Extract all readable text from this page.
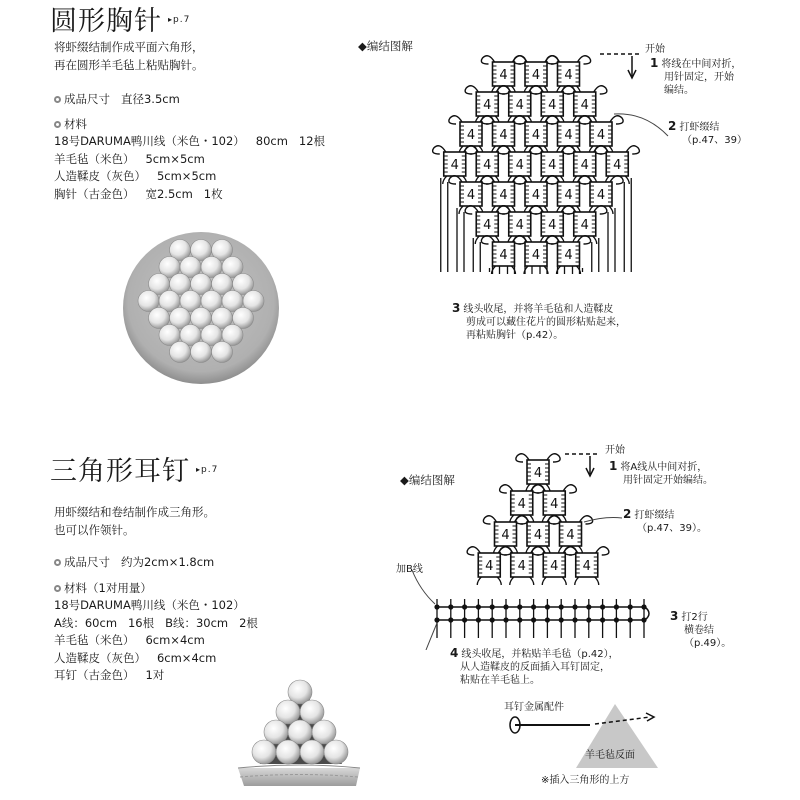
圆形胸针 $^{▸p.7}$
将虾缀结制作成平面六角形，
再在圆形羊毛毡上粘贴胸针。
成品尺寸 直径3.5cm
材料
18号DARUMA鸭川线（米色・102）   80cm   12根
羊毛毡（米色）   5cm×5cm
人造鞣皮（灰色）   5cm×5cm
胸针（古金色）   宽2.5cm   1枚
◆编结图解
4 4 4
4 4 4 4
4 4 4 4 4
4 4 4 4 4 4
4 4 4 4 4
4 4 4 4
4 4 4
开始
1 将线在中间对折，
用针固定，开始
编结。
2 打虾缀结
（p.47、39）
3 线头收尾，并将羊毛毡和人造鞣皮
剪成可以藏住花片的圆形粘贴起来，
再粘贴胸针（p.42）。
三角形耳钉 $^{▸p.7}$
用虾缀结和卷结制作成三角形。
也可以作领针。
成品尺寸 约为2cm×1.8cm
材料（1对用量）
18号DARUMA鸭川线（米色・102）
A线：60cm   16根   B线：30cm   2根
羊毛毡（米色）   6cm×4cm
人造鞣皮（灰色）   6cm×4cm
耳钉（古金色）   1对
◆编结图解	4
4 4
4 4 4
4 4 4 4
开始
1 将A线从中间对折，
用针固定开始编结。
2 打虾缀结
（p.47、39）。
加B线
3 打2行
横卷结
（p.49）。
4 线头收尾，并粘贴羊毛毡（p.42），
从人造鞣皮的反面插入耳钉固定，
粘贴在羊毛毡上。
耳钉金属配件
羊毛毡反面
※插入三角形的上方
